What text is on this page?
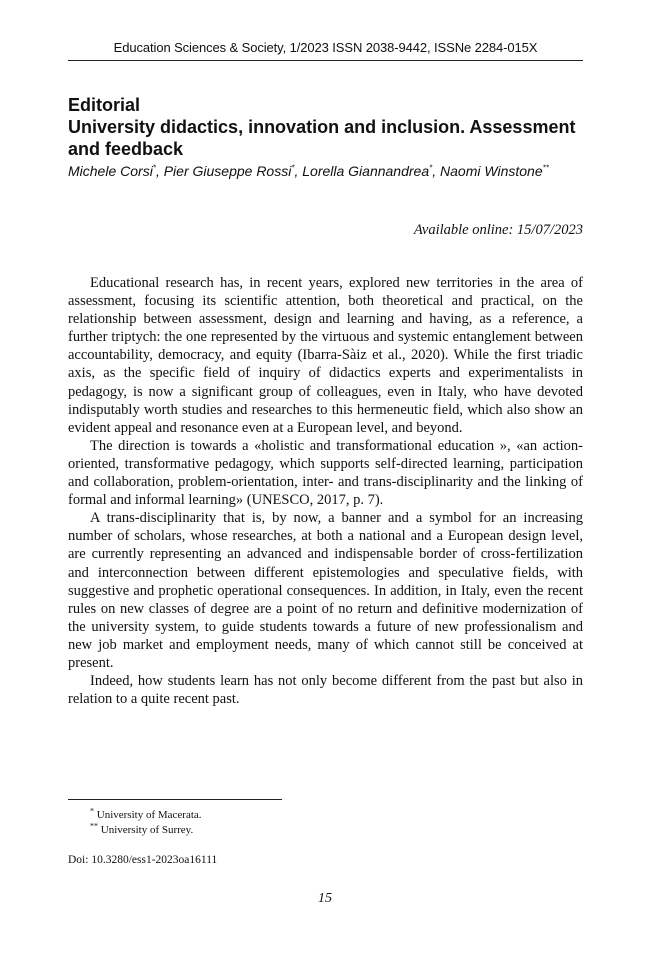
Education Sciences & Society, 1/2023 ISSN 2038-9442, ISSNe 2284-015X

Editorial

University didactics, innovation and inclusion. Assessment and feedback

Michele Corsi*, Pier Giuseppe Rossi*, Lorella Giannandrea*, Naomi Winstone**
Available online: 15/07/2023

Educational research has, in recent years, explored new territories in the area of assessment, focusing its scientific attention, both theoretical and practical, on the relationship between assessment, design and learning and having, as a reference, a further triptych: the one represented by the virtuous and systemic entanglement between accountability, democracy, and equity (Ibarra-Sàiz et al., 2020). While the first triadic axis, as the specific field of inquiry of didactics experts and experimentalists in pedagogy, is now a significant group of colleagues, even in Italy, who have devoted indisputably worth studies and researches to this hermeneutic field, which also show an evident appeal and resonance even at a European level, and beyond.

The direction is towards a «holistic and transformational education », «an action-oriented, transformative pedagogy, which supports self-directed learning, participation and collaboration, problem-orientation, inter- and trans-disciplinarity and the linking of formal and informal learning» (UNESCO, 2017, p. 7).

A trans-disciplinarity that is, by now, a banner and a symbol for an increasing number of scholars, whose researches, at both a national and a European design level, are currently representing an advanced and indispensable border of cross-fertilization and interconnection between different epistemologies and speculative fields, with suggestive and prophetic operational consequences. In addition, in Italy, even the recent rules on new classes of degree are a point of no return and definitive modernization of the university system, to guide students towards a future of new professionalism and new job market and employment needs, many of which cannot still be conceived at present.

Indeed, how students learn has not only become different from the past but also in relation to a quite recent past.

* University of Macerata.
** University of Surrey.
Doi: 10.3280/ess1-2023oa16111
15
